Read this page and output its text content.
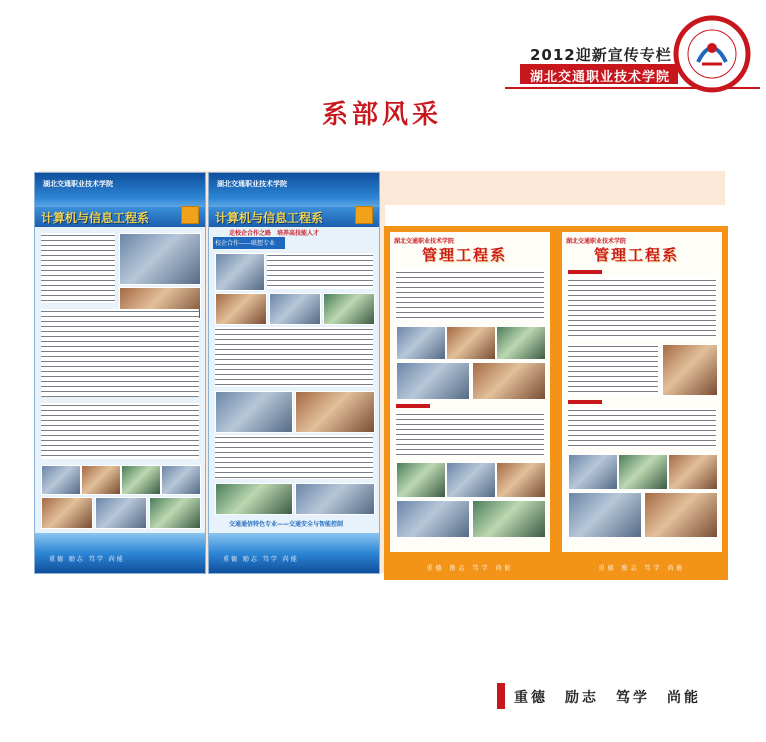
2012迎新宣传专栏
湖北交通职业技术学院
系部风采
湖北交通职业技术学院
计算机与信息工程系
重德 励志 笃学 尚能
湖北交通职业技术学院
计算机与信息工程系
走校企合作之路　培养高技能人才
校企合作——联想专业
交通通信特色专业——交通安全与智能控制
重德 励志 笃学 尚能
湖北交通职业技术学院
管理工程系
重德 励志 笃学 尚能
湖北交通职业技术学院
管理工程系
重德 励志 笃学 尚能
重德　励志　笃学　尚能
